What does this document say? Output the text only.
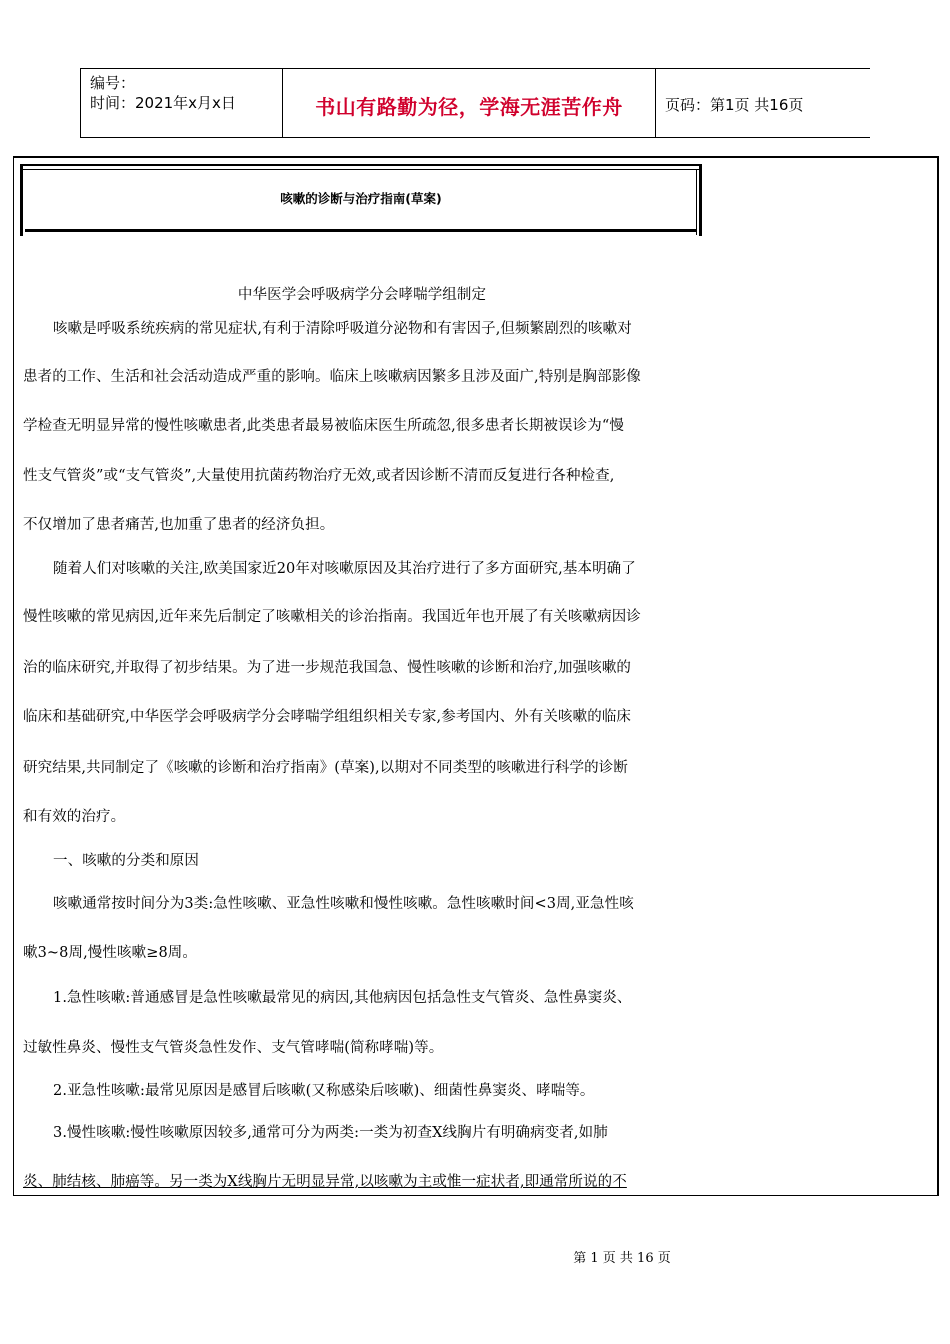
编号：
时间：2021年x月x日	书山有路勤为径，学海无涯苦作舟	页码：第1页 共16页
咳嗽的诊断与治疗指南(草案)
中华医学会呼吸病学分会哮喘学组制定
咳嗽是呼吸系统疾病的常见症状,有利于清除呼吸道分泌物和有害因子,但频繁剧烈的咳嗽对
患者的工作、生活和社会活动造成严重的影响。临床上咳嗽病因繁多且涉及面广,特别是胸部影像
学检查无明显异常的慢性咳嗽患者,此类患者最易被临床医生所疏忽,很多患者长期被误诊为“慢
性支气管炎”或“支气管炎”,大量使用抗菌药物治疗无效,或者因诊断不清而反复进行各种检查,
不仅增加了患者痛苦,也加重了患者的经济负担。
随着人们对咳嗽的关注,欧美国家近20年对咳嗽原因及其治疗进行了多方面研究,基本明确了
慢性咳嗽的常见病因,近年来先后制定了咳嗽相关的诊治指南。我国近年也开展了有关咳嗽病因诊
治的临床研究,并取得了初步结果。为了进一步规范我国急、慢性咳嗽的诊断和治疗,加强咳嗽的
临床和基础研究,中华医学会呼吸病学分会哮喘学组组织相关专家,参考国内、外有关咳嗽的临床
研究结果,共同制定了《咳嗽的诊断和治疗指南》(草案),以期对不同类型的咳嗽进行科学的诊断
和有效的治疗。
一、咳嗽的分类和原因
咳嗽通常按时间分为3类:急性咳嗽、亚急性咳嗽和慢性咳嗽。急性咳嗽时间<3周,亚急性咳
嗽3~8周,慢性咳嗽≥8周。
1.急性咳嗽:普通感冒是急性咳嗽最常见的病因,其他病因包括急性支气管炎、急性鼻窦炎、
过敏性鼻炎、慢性支气管炎急性发作、支气管哮喘(简称哮喘)等。
2.亚急性咳嗽:最常见原因是感冒后咳嗽(又称感染后咳嗽)、细菌性鼻窦炎、哮喘等。
3.慢性咳嗽:慢性咳嗽原因较多,通常可分为两类:一类为初查X线胸片有明确病变者,如肺
炎、肺结核、肺癌等。另一类为X线胸片无明显异常,以咳嗽为主或惟一症状者,即通常所说的不
第 1 页 共 16 页
